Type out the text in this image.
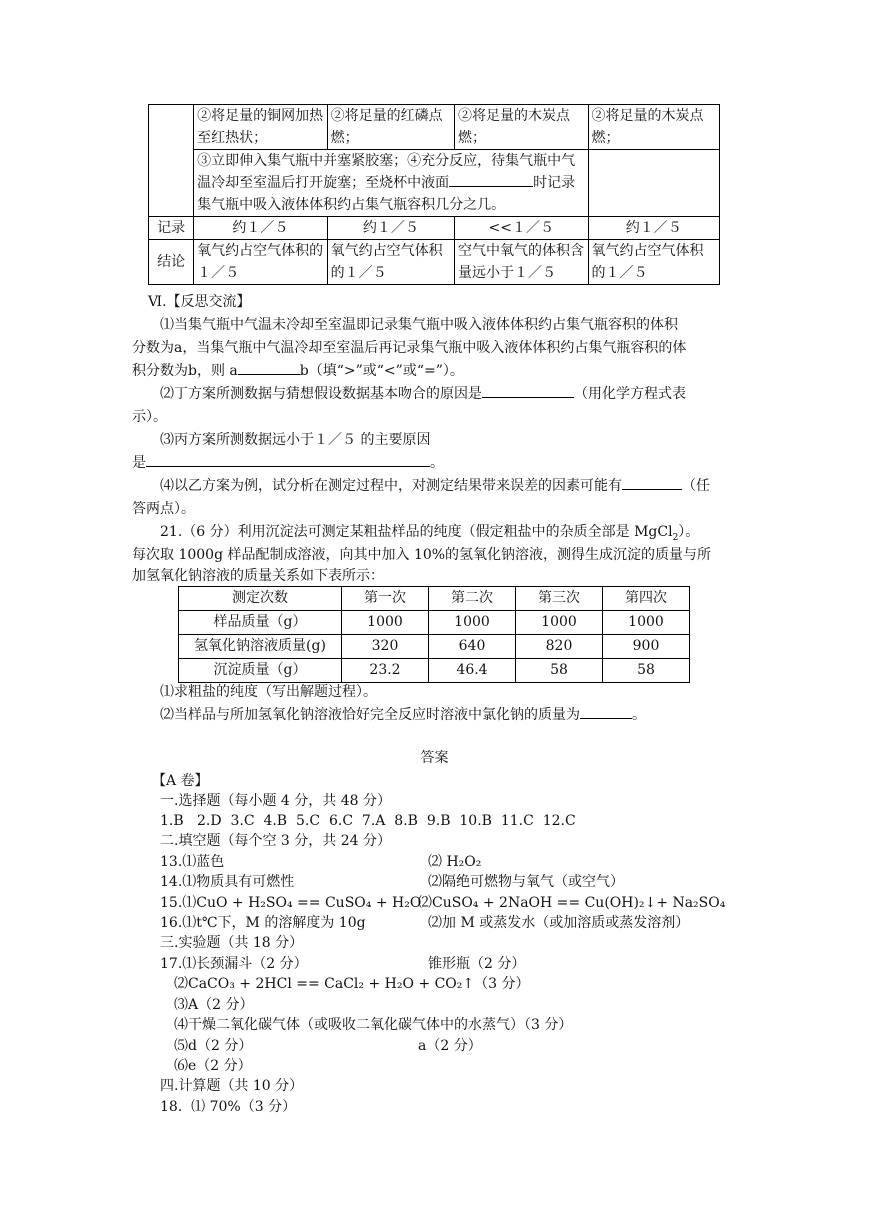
	②将足量的铜网加热至红热状；	②将足量的红磷点燃；	②将足量的木炭点燃；	②将足量的木炭点燃；
	③立即伸入集气瓶中并塞紧胶塞；④充分反应，待集气瓶中气温冷却至室温后打开旋塞；至烧杯中液面 时记录集气瓶中吸入液体体积约占集气瓶容积几分之几。			
记录	约１／５	约１／５	<<１／５	约１／５
结论	氧气约占空气体积的１／５	氧气约占空气体积的１／５	空气中氧气的体积含量远小于１／５	氧气约占空气体积的１／５
Ⅵ.【反思交流】
⑴当集气瓶中气温未冷却至室温即记录集气瓶中吸入液体体积约占集气瓶容积的体积
分数为a，当集气瓶中气温冷却至室温后再记录集气瓶中吸入液体体积约占集气瓶容积的体
积分数为b，则 a	b（填“>”或“<”或“=”）。
⑵丁方案所测数据与猜想假设数据基本吻合的原因是	（用化学方程式表
示）。
⑶丙方案所测数据远小于１／５ 的主要原因
是	。
⑷以乙方案为例，试分析在测定过程中，对测定结果带来误差的因素可能有	（任
答两点）。
21.（6 分）利用沉淀法可测定某粗盐样品的纯度（假定粗盐中的杂质全部是 MgCl$_2$）。
每次取 1000g 样品配制成溶液，向其中加入 10%的氢氧化钠溶液，测得生成沉淀的质量与所
加氢氧化钠溶液的质量关系如下表所示：
测定次数	第一次	第二次	第三次	第四次
样品质量（g）	1000	1000	1000	1000
氢氧化钠溶液质量(g)	320	640	820	900
沉淀质量（g）	23.2	46.4	58	58
⑴求粗盐的纯度（写出解题过程）。
⑵当样品与所加氢氧化钠溶液恰好完全反应时溶液中氯化钠的质量为	。
答案
【A 卷】
一.选择题（每小题 4 分，共 48 分）
1.B   2.D  3.C  4.B  5.C  6.C  7.A  8.B  9.B  10.B  11.C  12.C
二.填空题（每个空 3 分，共 24 分）
13.⑴蓝色	⑵ H₂O₂
14.⑴物质具有可燃性	⑵隔绝可燃物与氧气（或空气）
15.⑴CuO + H₂SO₄ == CuSO₄ + H₂O
⑵CuSO₄ + 2NaOH == Cu(OH)₂↓+ Na₂SO₄
16.⑴t℃下，M 的溶解度为 10g	⑵加 M 或蒸发水（或加溶质或蒸发溶剂）
三.实验题（共 18 分）
17.⑴长颈漏斗（2 分）	锥形瓶（2 分）
⑵CaCO₃ + 2HCl == CaCl₂ + H₂O + CO₂↑（3 分）
⑶A（2 分）
⑷干燥二氧化碳气体（或吸收二氧化碳气体中的水蒸气）（3 分）
⑸d（2 分）	a（2 分）
⑹e（2 分）
四.计算题（共 10 分）
18.  ⑴ 70%（3 分）
